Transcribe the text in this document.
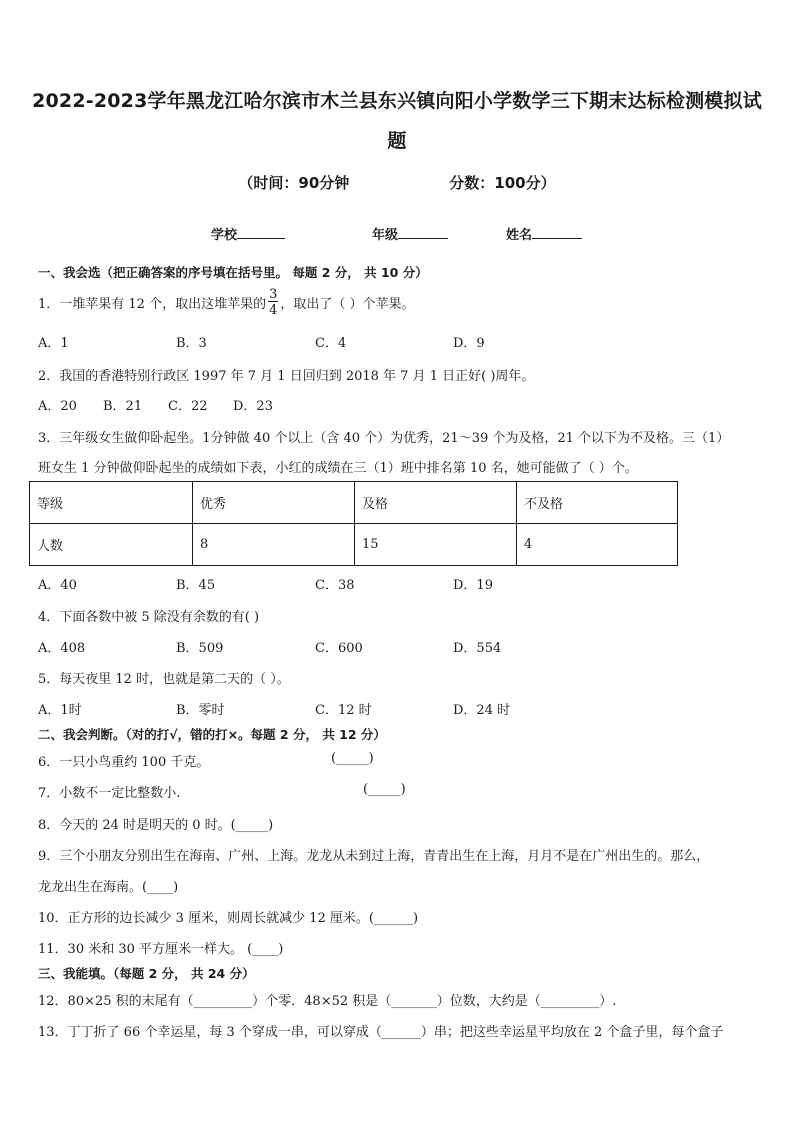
2022-2023学年黑龙江哈尔滨市木兰县东兴镇向阳小学数学三下期末达标检测模拟试
题
（时间：90分钟	分数：100分）
学校	年级	姓名
一、我会选（把正确答案的序号填在括号里。 每题 2 分， 共 10 分）
1．一堆苹果有 12 个，取出这堆苹果的 $\frac{3}{4}$ ，取出了（ ）个苹果。
A．1	B．3	C．4	D．9
2．我国的香港特别行政区 1997 年 7 月 1 日回归到 2018 年 7 月 1 日正好( )周年。
A．20 B．21 C．22 D．23
3．三年级女生做仰卧起坐。1分钟做 40 个以上（含 40 个）为优秀，21～39 个为及格，21 个以下为不及格。三（1）
班女生 1 分钟做仰卧起坐的成绩如下表，小红的成绩在三（1）班中排名第 10 名，她可能做了（ ）个。
等级	优秀	及格	不及格
人数	8	15	4
A．40	B．45	C．38	D．19
4．下面各数中被 5 除没有余数的有( )
A．408	B．509	C．600	D．554
5．每天夜里 12 时，也就是第二天的（ ）。
A．1时	B．零时	C．12 时	D．24 时
二、我会判断。（对的打√，错的打×。每题 2 分， 共 12 分）
6．一只小鸟重约 100 千克。	(_____)
7．小数不一定比整数小.	(_____)
8．今天的 24 时是明天的 0 时。(_____)
9．三个小朋友分别出生在海南、广州、上海。龙龙从未到过上海，青青出生在上海，月月不是在广州出生的。那么，
龙龙出生在海南。(____)
10．正方形的边长减少 3 厘米，则周长就减少 12 厘米。(______)
11．30 米和 30 平方厘米一样大。 (____)
三、我能填。（每题 2 分， 共 24 分）
12．80×25 积的末尾有（_________）个零．48×52 积是（_______）位数，大约是（_________）.
13．丁丁折了 66 个幸运星，每 3 个穿成一串，可以穿成（______）串；把这些幸运星平均放在 2 个盒子里，每个盒子
